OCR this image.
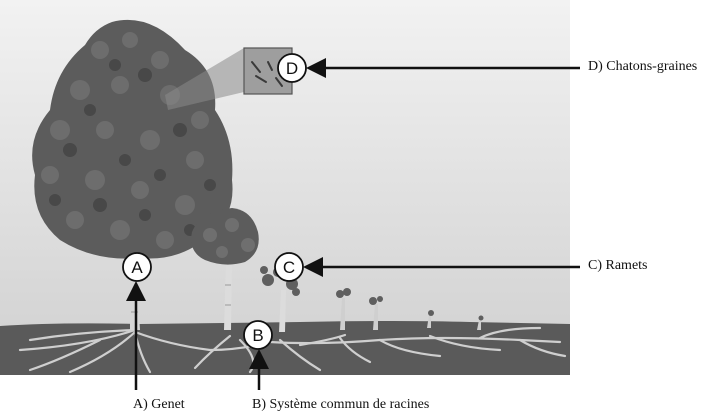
A
B
C
D	D) Chatons-graines
C) Ramets
A) Genet	B) Système commun de racines
